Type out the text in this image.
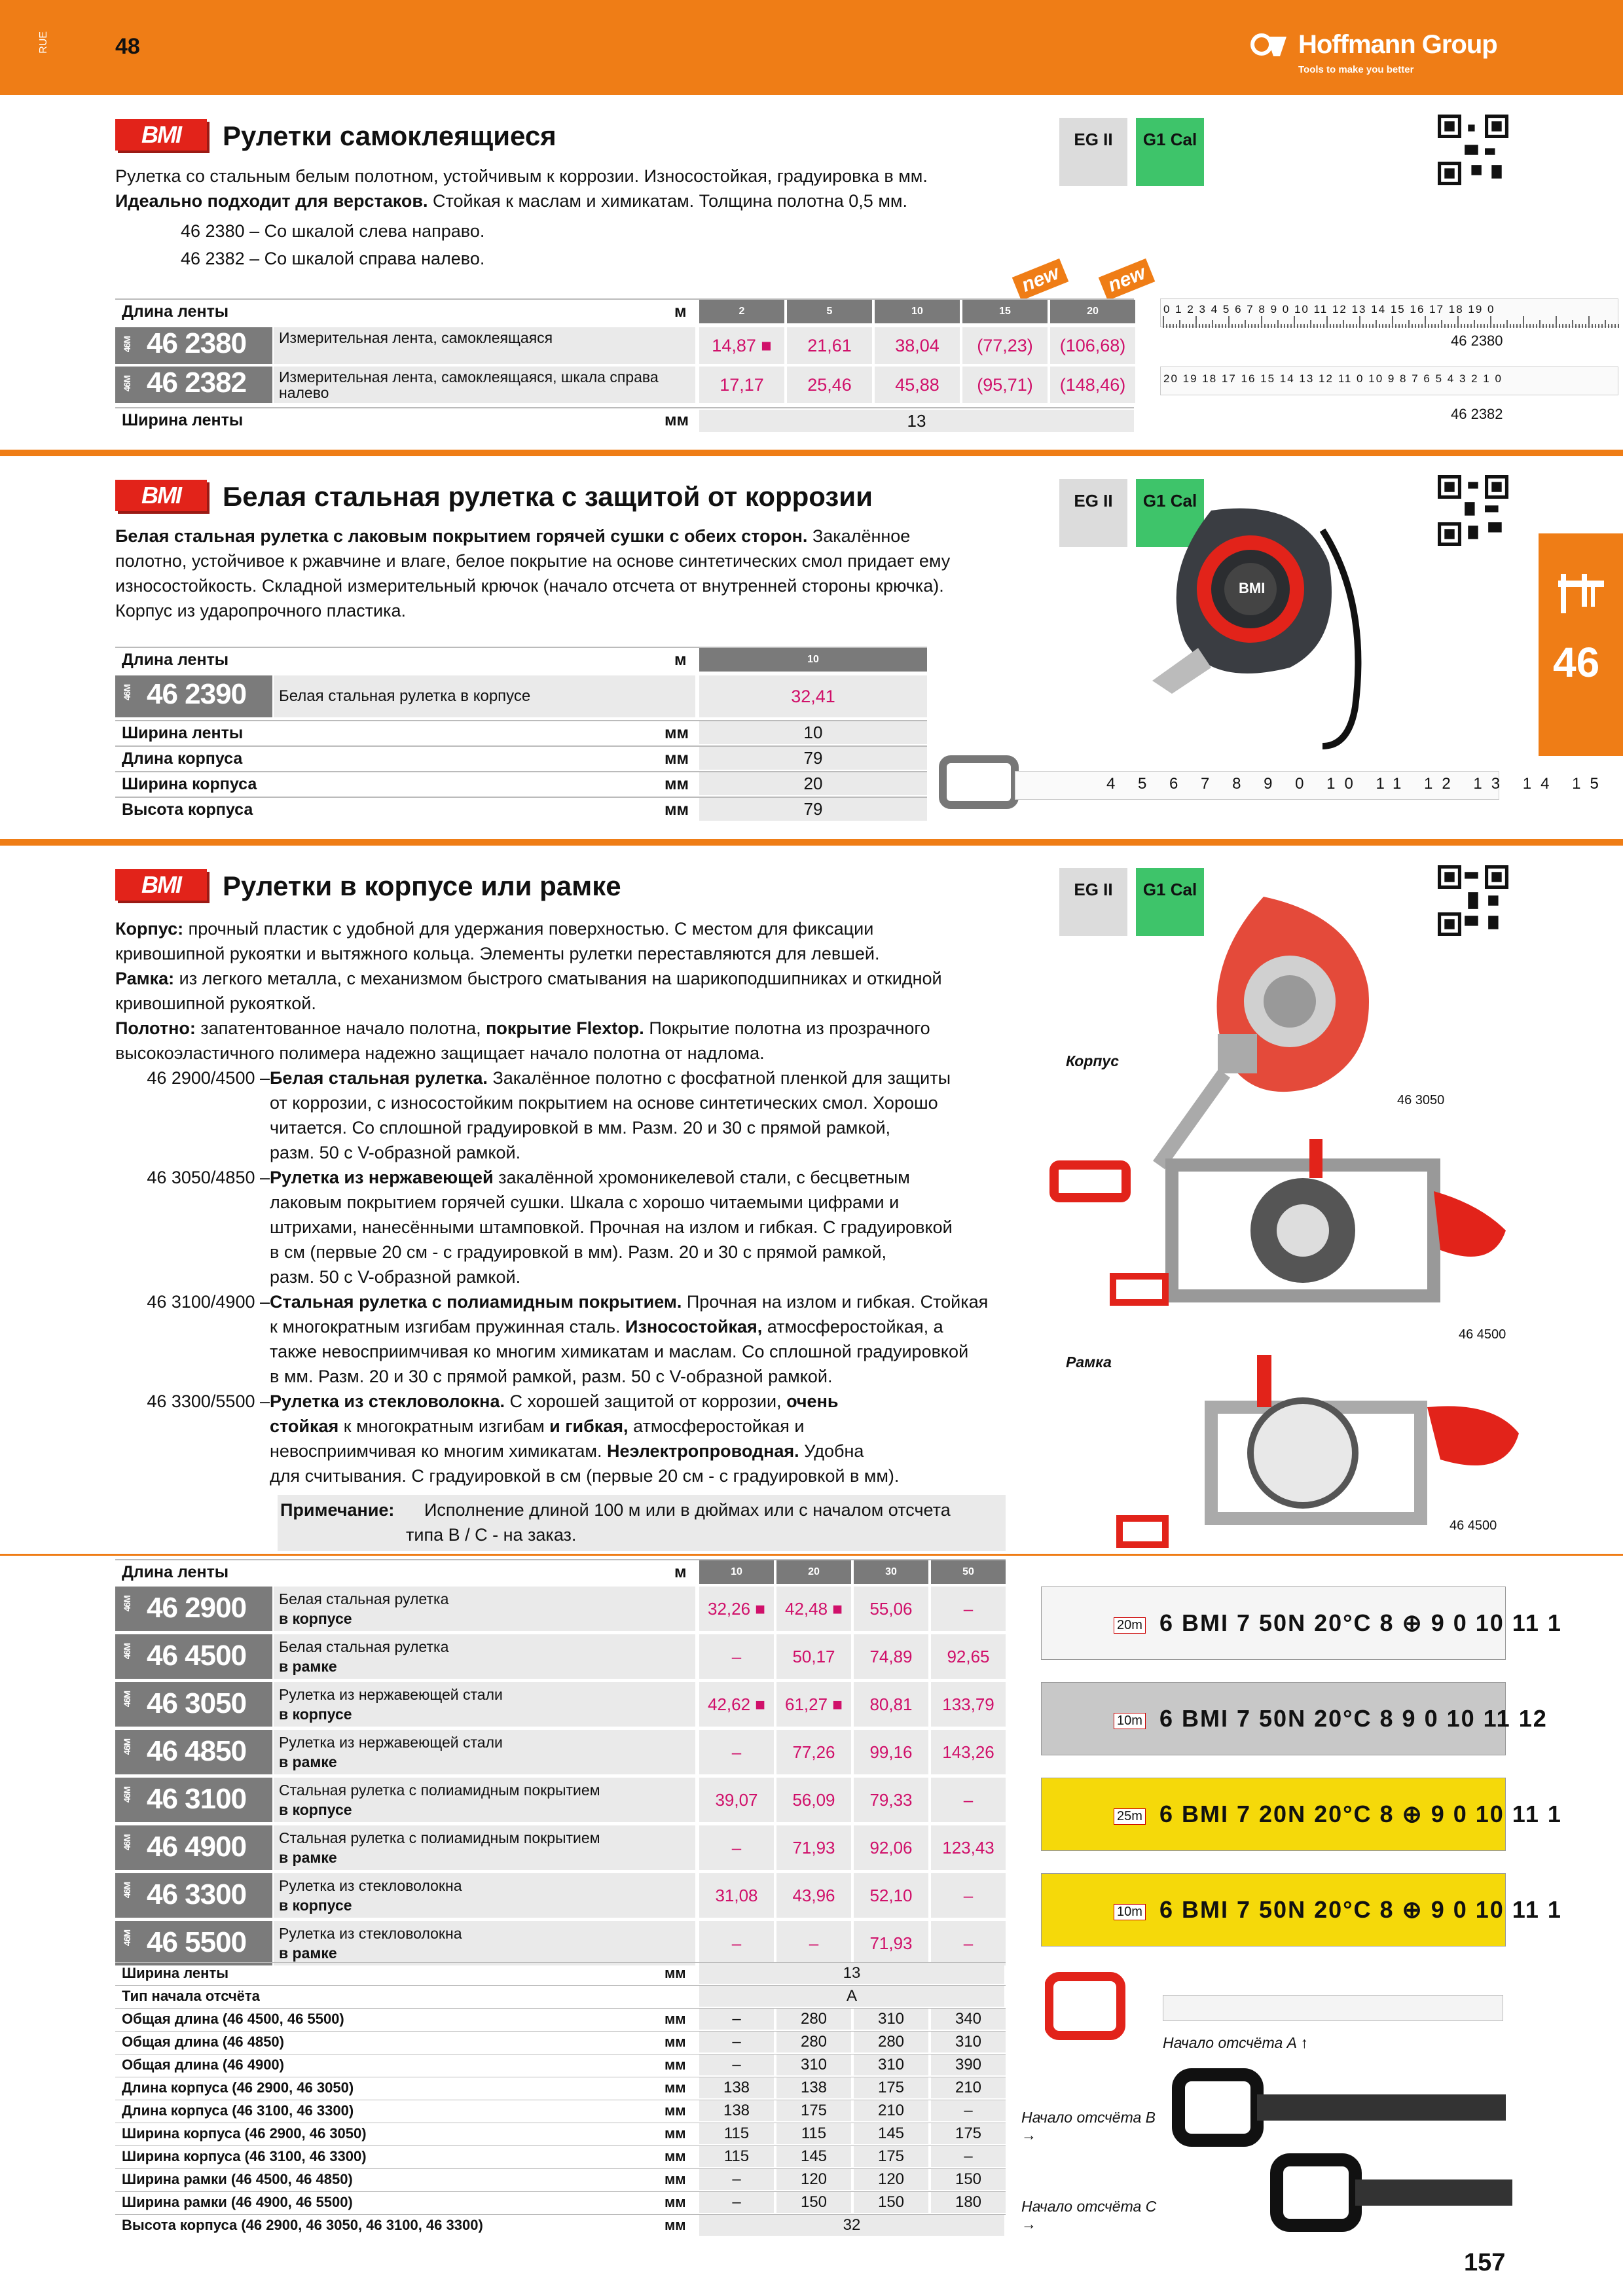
RUE	48	Hoffmann Group
Tools to make you better
46
BMI	Рулетки самоклеящиеся
Рулетка со стальным белым полотном, устойчивым к коррозии. Износостойкая, градуировка в мм.
Идеально подходит для верстаков. Стойкая к маслам и химикатам. Толщина полотна 0,5 мм.
46 2380 – Со шкалой слева направо.
46 2382 – Со шкалой справа налево.
EG II	G1 Cal
new	new
Длина ленты	м	2	5	10	15	20
46M 46 2380	Измерительная лента, самоклеящаяся	14,87 ■	21,61	38,04	(77,23)	(106,68)
46M 46 2382	Измерительная лента, самоклеящаяся, шкала справа налево	17,17	25,46	45,88	(95,71)	(148,46)
Ширина ленты	мм	13
0 1 2 3 4 5 6 7 8 9 0 10 11 12 13 14 15 16 17 18 19 0
46 2380
20 19 18 17 16 15 14 13 12 11 0 10 9 8 7 6 5 4 3 2 1 0
46 2382
BMI	Белая стальная рулетка с защитой от коррозии
Белая стальная рулетка с лаковым покрытием горячей сушки с обеих сторон. Закалённое
полотно, устойчивое к ржавчине и влаге, белое покрытие на основе синтетических смол придает ему
износостойкость. Складной измерительный крючок (начало отсчета от внутренней стороны крючка).
Корпус из ударопрочного пластика.
EG II	G1 Cal
BMI
4 5 6 7 8 9 0 10 11 12 13 14 15
Длина ленты	м	10
46M 46 2390	Белая стальная рулетка в корпусе	32,41
Ширина ленты	мм	10
Длина корпуса	мм	79
Ширина корпуса	мм	20
Высота корпуса	мм	79
BMI	Рулетки в корпусе или рамке	EG II	G1 Cal
Корпус: прочный пластик с удобной для удержания поверхностью. С местом для фиксации
кривошипной рукоятки и вытяжного кольца. Элементы рулетки переставляются для левшей.
Рамка: из легкого металла, с механизмом быстрого сматывания на шарикоподшипниках и откидной
кривошипной рукояткой.
Полотно: запатентованное начало полотна, покрытие Flextop. Покрытие полотна из прозрачного
высокоэластичного полимера надежно защищает начало полотна от надлома.
46 2900/4500 – Белая стальная рулетка. Закалённое полотно с фосфатной пленкой для защиты
от коррозии, с износостойким покрытием на основе синтетических смол. Хорошо
читается. Со сплошной градуировкой в мм. Разм. 20 и 30 с прямой рамкой,
разм. 50 с V-образной рамкой.
46 3050/4850 – Рулетка из нержавеющей закалённой хромоникелевой стали, с бесцветным
лаковым покрытием горячей сушки. Шкала с хорошо читаемыми цифрами и
штрихами, нанесёнными штамповкой. Прочная на излом и гибкая. С градуировкой
в см (первые 20 см - с градуировкой в мм). Разм. 20 и 30 с прямой рамкой,
разм. 50 с V-образной рамкой.
46 3100/4900 – Стальная рулетка с полиамидным покрытием. Прочная на излом и гибкая. Стойкая
к многократным изгибам пружинная сталь. Износостойкая, атмосферостойкая, а
также невосприимчивая ко многим химикатам и маслам. Со сплошной градуировкой
в мм. Разм. 20 и 30 с прямой рамкой, разм. 50 с V-образной рамкой.
46 3300/5500 – Рулетка из стекловолокна. С хорошей защитой от коррозии, очень
стойкая к многократным изгибам и гибкая, атмосферостойкая и
невосприимчивая ко многим химикатам. Неэлектропроводная. Удобна
для считывания. С градуировкой в см (первые 20 см - с градуировкой в мм).
Примечание: Исполнение длиной 100 м или в дюймах или с началом отсчета
типа B / C - на заказ.
Корпус
46 3050
Рамка
46 4500
46 4500
20m 6 BMI 7 50N 20°C 8 ⊕ 9 0 10 11 1
10m 6 BMI 7 50N 20°C 8 9 0 10 11 12
25m 6 BMI 7 20N 20°C 8 ⊕ 9 0 10 11 1
10m 6 BMI 7 50N 20°C 8 ⊕ 9 0 10 11 1
Начало отсчёта A ↑
Начало отсчёта B →
Начало отсчёта C →
Длина ленты	м	10	20	30	50
46M 46 2900 Белая стальная рулетка
в корпусе	32,26 ■	42,48 ■	55,06	–
46M 46 4500 Белая стальная рулетка
в рамке	–	50,17	74,89	92,65
46M 46 3050 Рулетка из нержавеющей стали
в корпусе	42,62 ■	61,27 ■	80,81	133,79
46M 46 4850 Рулетка из нержавеющей стали
в рамке	–	77,26	99,16	143,26
46M 46 3100 Стальная рулетка с полиамидным покрытием
в корпусе	39,07	56,09	79,33	–
46M 46 4900 Стальная рулетка с полиамидным покрытием
в рамке	–	71,93	92,06	123,43
46M 46 3300 Рулетка из стекловолокна
в корпусе	31,08	43,96	52,10	–
46M 46 5500 Рулетка из стекловолокна
в рамке	–	–	71,93	–
Ширина ленты	мм	13
Тип начала отсчёта	A
Общая длина (46 4500, 46 5500)	мм	–	280	310	340
Общая длина (46 4850)	мм	–	280	280	310
Общая длина (46 4900)	мм	–	310	310	390
Длина корпуса (46 2900, 46 3050)	мм	138	138	175	210
Длина корпуса (46 3100, 46 3300)	мм	138	175	210	–
Ширина корпуса (46 2900, 46 3050)	мм	115	115	145	175
Ширина корпуса (46 3100, 46 3300)	мм	115	145	175	–
Ширина рамки (46 4500, 46 4850)	мм	–	120	120	150
Ширина рамки (46 4900, 46 5500)	мм	–	150	150	180
Высота корпуса (46 2900, 46 3050, 46 3100, 46 3300)	мм	32
157
